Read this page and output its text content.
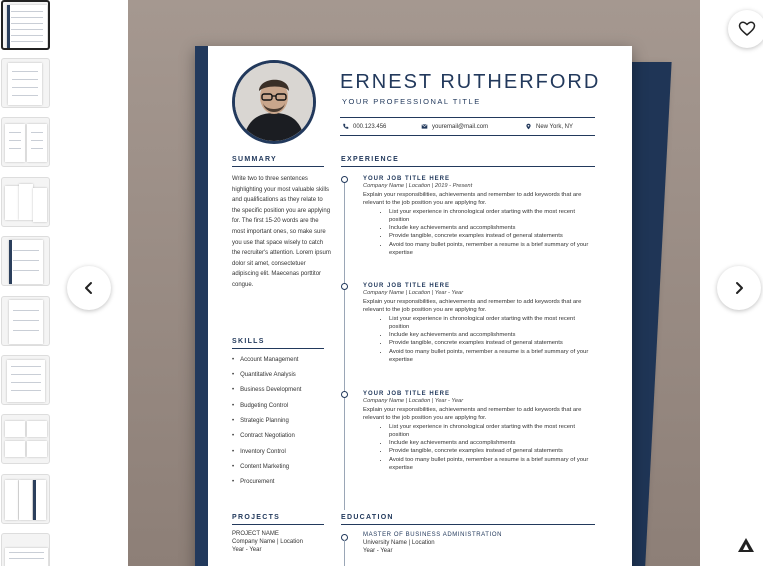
ERNEST RUTHERFORD
YOUR PROFESSIONAL TITLE
000.123.456	youremail@mail.com	New York, NY
SUMMARY
Write two to three sentences highlighting your most valuable skills and qualifications as they relate to the specific position you are applying for. The first 15-20 words are the most important ones, so make sure you use that space wisely to catch the recruiter's attention. Lorem ipsum dolor sit amet, consectetuer adipiscing elit. Maecenas porttitor congue.
SKILLS
• Account Management
• Quantitative Analysis
• Business Development
• Budgeting Control
• Strategic Planning
• Contract Negotiation
• Inventory Control
• Content Marketing
• Procurement
PROJECTS
PROJECT NAME
Company Name | Location
Year - Year
EXPERIENCE
YOUR JOB TITLE HERE
Company Name | Location | 2019 - Present
Explain your responsibilities, achievements and remember to add keywords that are relevant to the job position you are applying for.
• List your experience in chronological order starting with the most recent position
• Include key achievements and accomplishments
• Provide tangible, concrete examples instead of general statements
• Avoid too many bullet points, remember a resume is a brief summary of your expertise
YOUR JOB TITLE HERE
Company Name | Location | Year - Year
Explain your responsibilities, achievements and remember to add keywords that are relevant to the job position you are applying for.
• List your experience in chronological order starting with the most recent position
• Include key achievements and accomplishments
• Provide tangible, concrete examples instead of general statements
• Avoid too many bullet points, remember a resume is a brief summary of your expertise
YOUR JOB TITLE HERE
Company Name | Location | Year - Year
Explain your responsibilities, achievements and remember to add keywords that are relevant to the job position you are applying for.
• List your experience in chronological order starting with the most recent position
• Include key achievements and accomplishments
• Provide tangible, concrete examples instead of general statements
• Avoid too many bullet points, remember a resume is a brief summary of your expertise
EDUCATION
MASTER OF BUSINESS ADMINISTRATION
University Name | Location
Year - Year
